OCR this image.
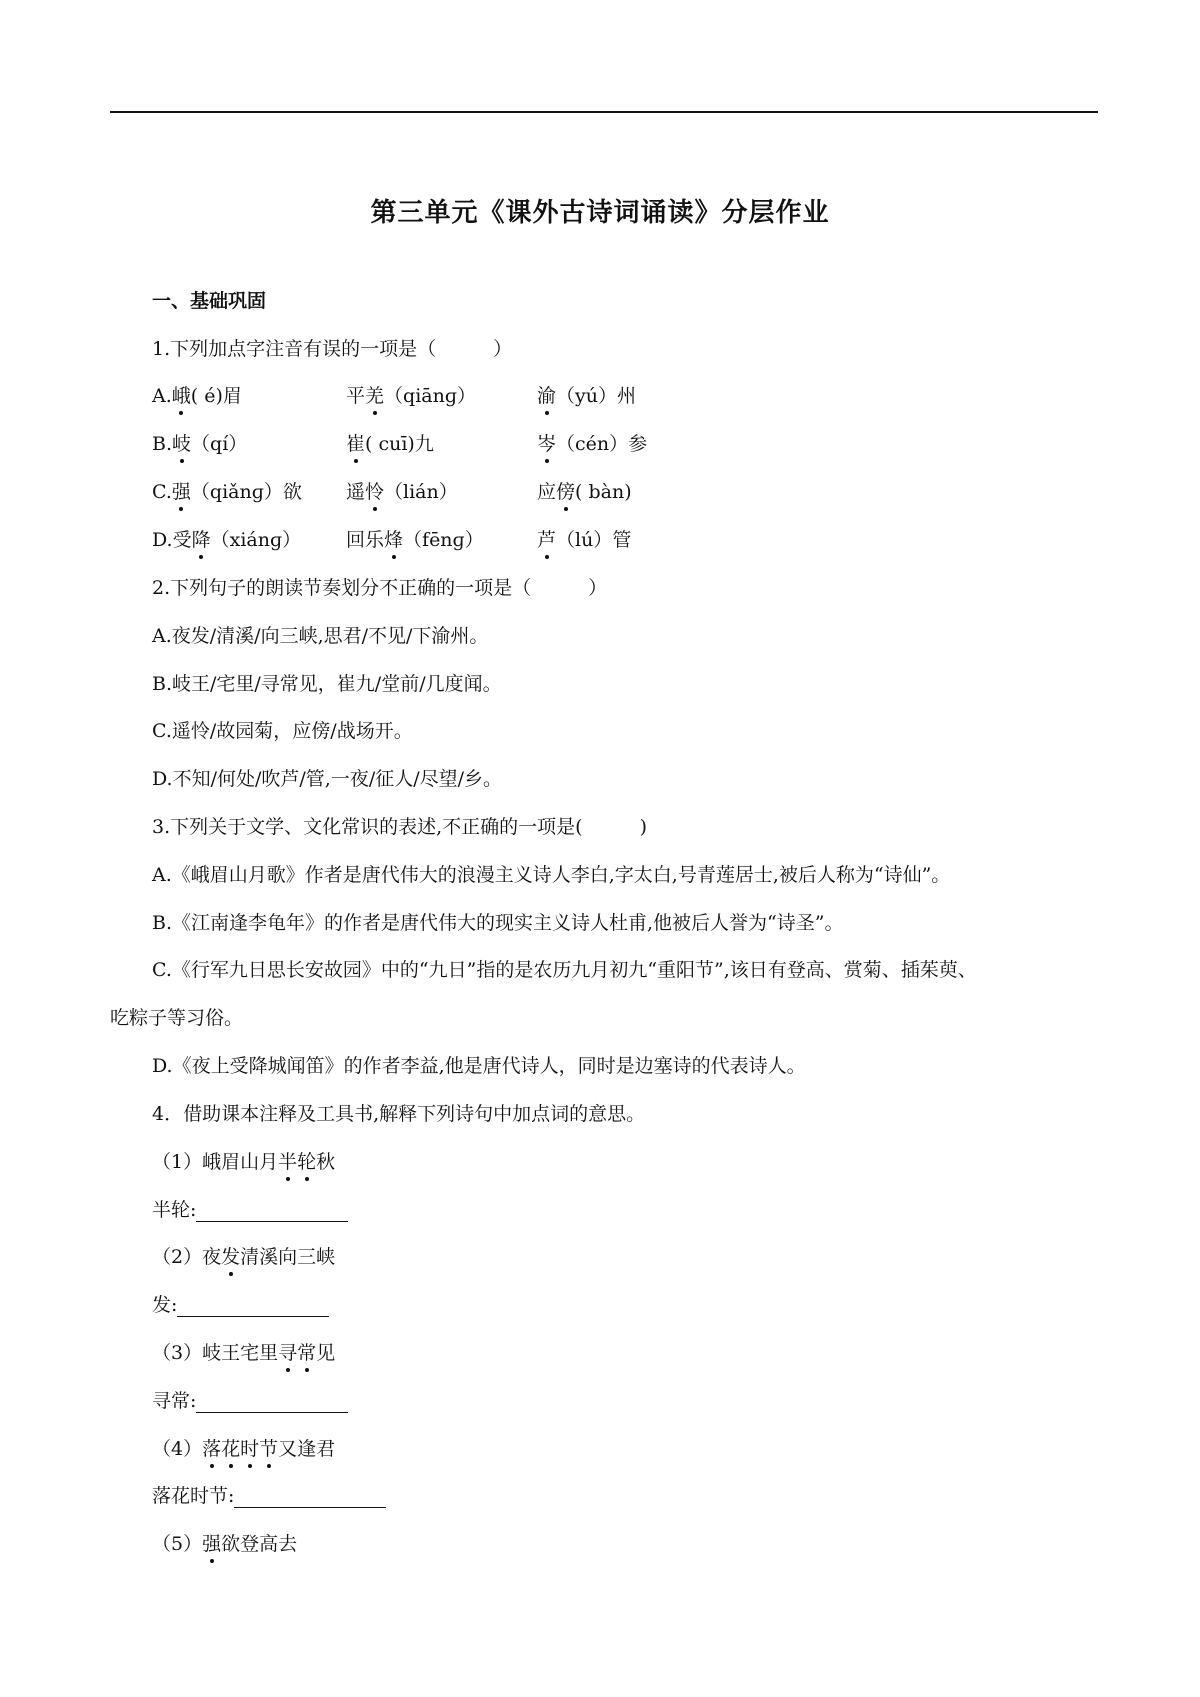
第三单元《课外古诗词诵读》分层作业
一、基础巩固
1.下列加点字注音有误的一项是（　　　）
A.峨( é)眉	平羌（qiānɡ）	渝（yú）州
B.岐（qí）	崔( cuī)九	岑（cén）参
C.强（qiǎnɡ）欲 遥怜（lián）	应傍( bàn)
D.受降（xiánɡ） 回乐烽（fēnɡ）	芦（lú）管
2.下列句子的朗读节奏划分不正确的一项是（　　　）
A.夜发/清溪/向三峡,思君/不见/下渝州。
B.岐王/宅里/寻常见，崔九/堂前/几度闻。
C.遥怜/故园菊，应傍/战场开。
D.不知/何处/吹芦/管,一夜/征人/尽望/乡。
3.下列关于文学、文化常识的表述,不正确的一项是(　　　)
A.《峨眉山月歌》作者是唐代伟大的浪漫主义诗人李白,字太白,号青莲居士,被后人称为“诗仙”。
B.《江南逢李龟年》的作者是唐代伟大的现实主义诗人杜甫,他被后人誉为“诗圣”。
C.《行军九日思长安故园》中的“九日”指的是农历九月初九“重阳节”,该日有登高、赏菊、插茱萸、
吃粽子等习俗。
D.《夜上受降城闻笛》的作者李益,他是唐代诗人，同时是边塞诗的代表诗人。
4．借助课本注释及工具书,解释下列诗句中加点词的意思。
（1）峨眉山月半轮秋
半轮:
（2）夜发清溪向三峡
发:
（3）岐王宅里寻常见
寻常:
（4）落花时节又逢君
落花时节:
（5）强欲登高去
